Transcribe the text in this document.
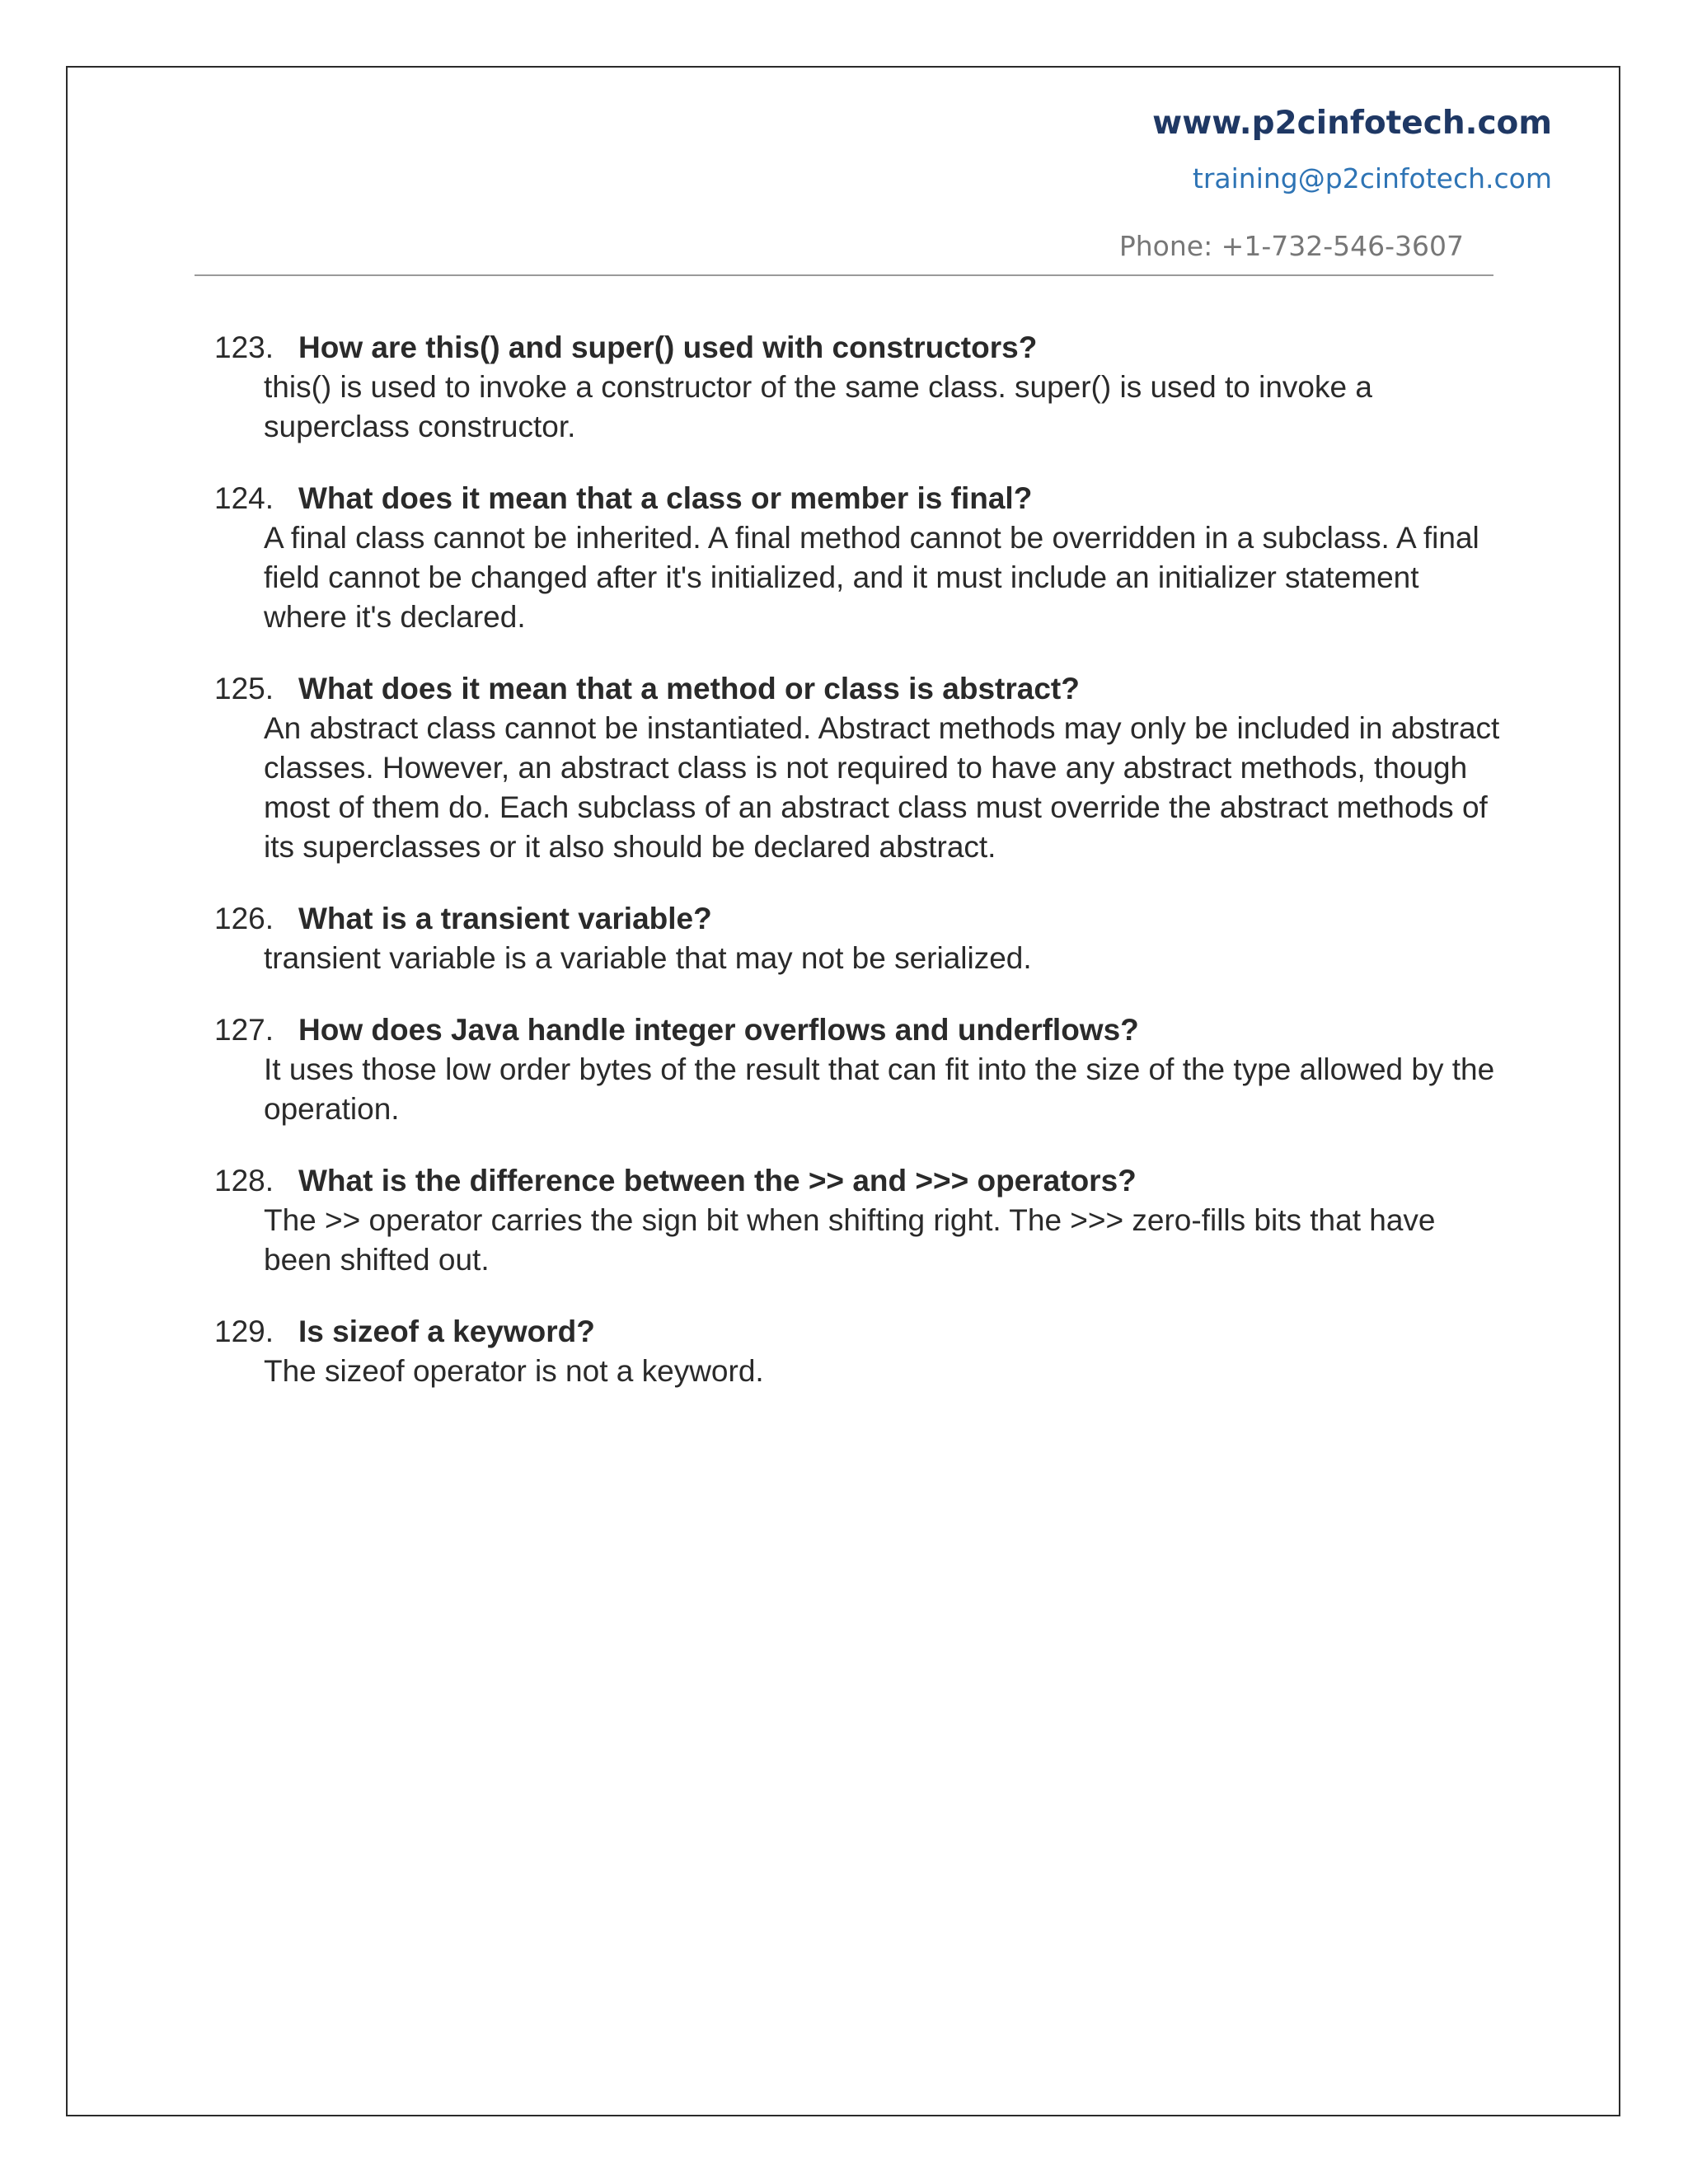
www.p2cinfotech.com
training@p2cinfotech.com
Phone: +1-732-546-3607
123. How are this() and super() used with constructors?
this() is used to invoke a constructor of the same class. super() is used to invoke a superclass constructor.
124. What does it mean that a class or member is final?
A final class cannot be inherited. A final method cannot be overridden in a subclass. A final field cannot be changed after it's initialized, and it must include an initializer statement where it's declared.
125. What does it mean that a method or class is abstract?
An abstract class cannot be instantiated. Abstract methods may only be included in abstract classes. However, an abstract class is not required to have any abstract methods, though most of them do. Each subclass of an abstract class must override the abstract methods of its superclasses or it also should be declared abstract.
126. What is a transient variable?
transient variable is a variable that may not be serialized.
127. How does Java handle integer overflows and underflows?
It uses those low order bytes of the result that can fit into the size of the type allowed by the operation.
128. What is the difference between the >> and >>> operators?
The >> operator carries the sign bit when shifting right. The >>> zero-fills bits that have been shifted out.
129. Is sizeof a keyword?
The sizeof operator is not a keyword.
